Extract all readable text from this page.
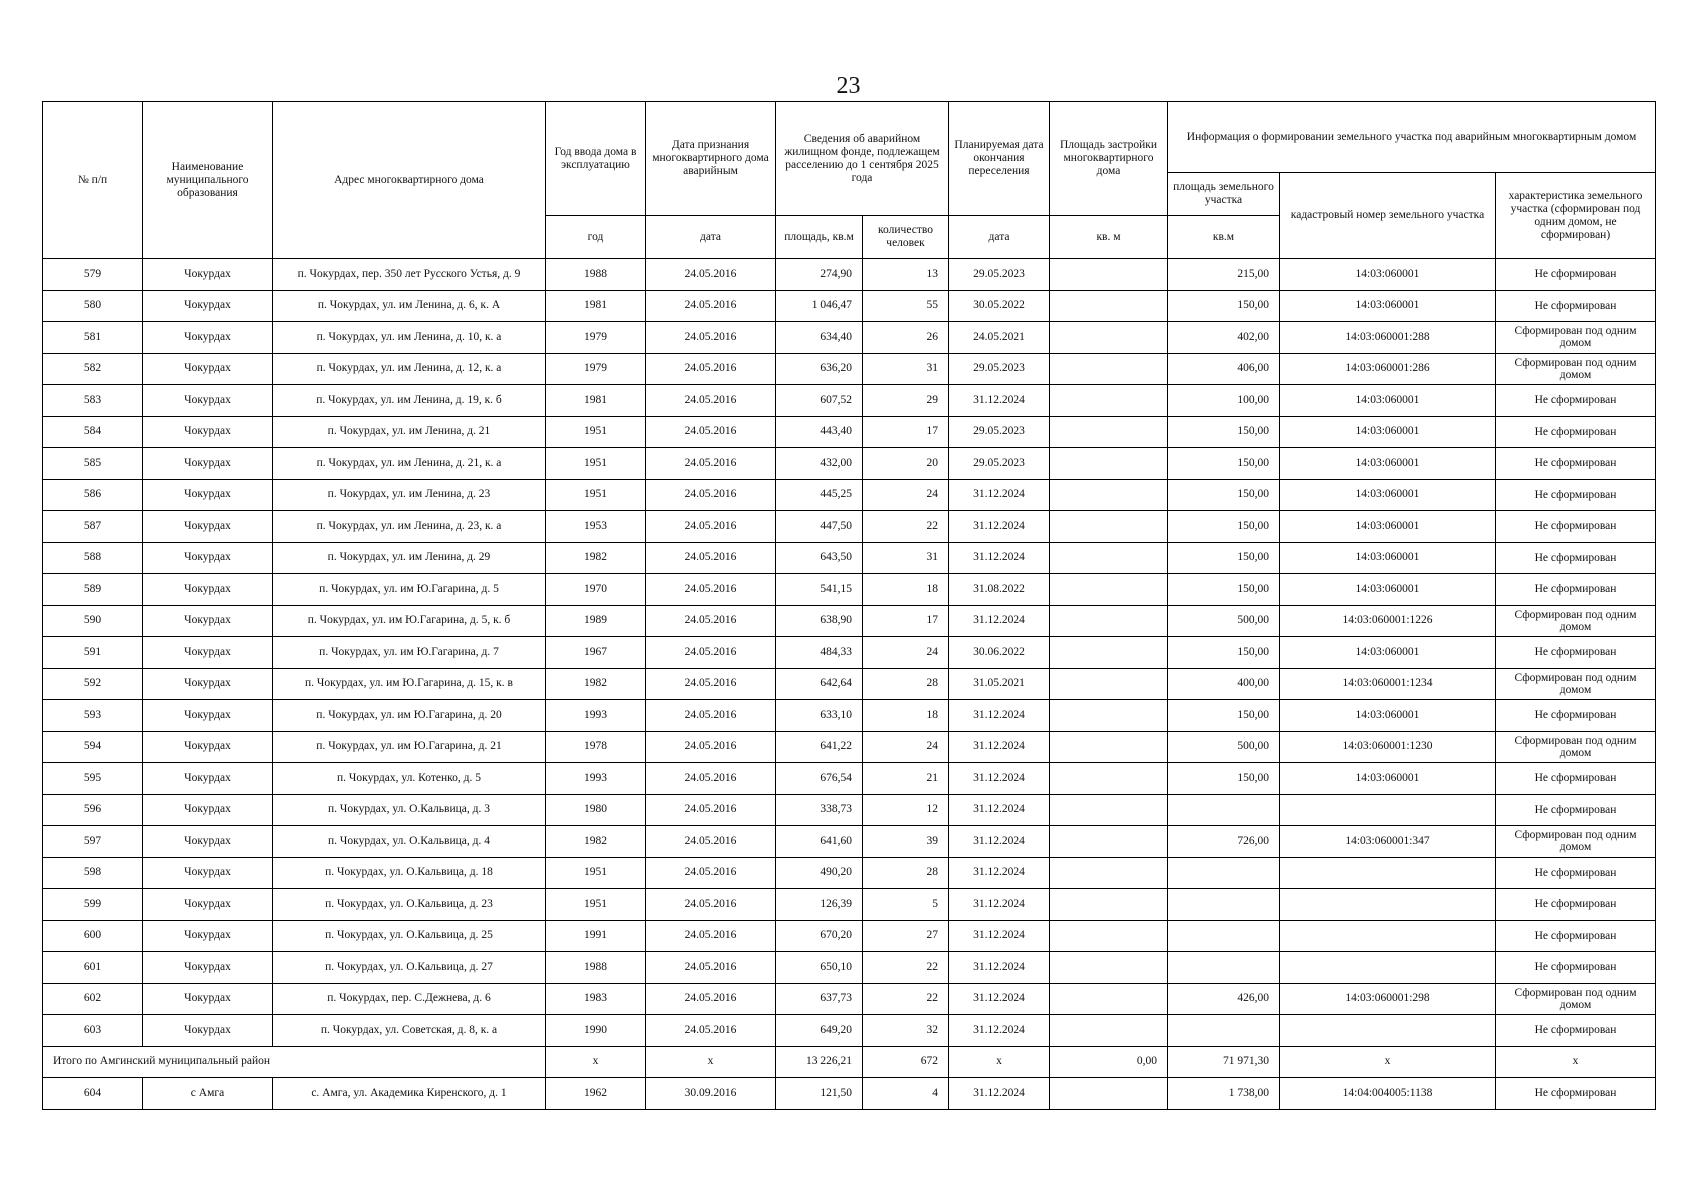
23
№ п/п	Наименование муниципального образования	Адрес многоквартирного дома	Год ввода дома в эксплуатацию	Дата признания многоквартирного дома аварийным	Сведения об аварийном жилищном фонде, подлежащем расселению до 1 сентября 2025 года		Планируемая дата окончания переселения	Площадь застройки многоквартирного дома	Информация о формировании земельного участка под аварийным многоквартирным домом		
									площадь земельного участка	кадастровый номер земельного участка	характеристика земельного участка (сформирован под одним домом, не сформирован)
			год	дата	площадь, кв.м	количество человек	дата	кв. м	кв.м		
579	Чокурдах	п. Чокурдах, пер. 350 лет Русского Устья, д. 9	1988	24.05.2016	274,90	13	29.05.2023		215,00	14:03:060001	Не сформирован
580	Чокурдах	п. Чокурдах, ул. им Ленина, д. 6, к. А	1981	24.05.2016	1 046,47	55	30.05.2022		150,00	14:03:060001	Не сформирован
581	Чокурдах	п. Чокурдах, ул. им Ленина, д. 10, к. а	1979	24.05.2016	634,40	26	24.05.2021		402,00	14:03:060001:288	Сформирован под одним домом
582	Чокурдах	п. Чокурдах, ул. им Ленина, д. 12, к. а	1979	24.05.2016	636,20	31	29.05.2023		406,00	14:03:060001:286	Сформирован под одним домом
583	Чокурдах	п. Чокурдах, ул. им Ленина, д. 19, к. б	1981	24.05.2016	607,52	29	31.12.2024		100,00	14:03:060001	Не сформирован
584	Чокурдах	п. Чокурдах, ул. им Ленина, д. 21	1951	24.05.2016	443,40	17	29.05.2023		150,00	14:03:060001	Не сформирован
585	Чокурдах	п. Чокурдах, ул. им Ленина, д. 21, к. а	1951	24.05.2016	432,00	20	29.05.2023		150,00	14:03:060001	Не сформирован
586	Чокурдах	п. Чокурдах, ул. им Ленина, д. 23	1951	24.05.2016	445,25	24	31.12.2024		150,00	14:03:060001	Не сформирован
587	Чокурдах	п. Чокурдах, ул. им Ленина, д. 23, к. а	1953	24.05.2016	447,50	22	31.12.2024		150,00	14:03:060001	Не сформирован
588	Чокурдах	п. Чокурдах, ул. им Ленина, д. 29	1982	24.05.2016	643,50	31	31.12.2024		150,00	14:03:060001	Не сформирован
589	Чокурдах	п. Чокурдах, ул. им Ю.Гагарина, д. 5	1970	24.05.2016	541,15	18	31.08.2022		150,00	14:03:060001	Не сформирован
590	Чокурдах	п. Чокурдах, ул. им Ю.Гагарина, д. 5, к. б	1989	24.05.2016	638,90	17	31.12.2024		500,00	14:03:060001:1226	Сформирован под одним домом
591	Чокурдах	п. Чокурдах, ул. им Ю.Гагарина, д. 7	1967	24.05.2016	484,33	24	30.06.2022		150,00	14:03:060001	Не сформирован
592	Чокурдах	п. Чокурдах, ул. им Ю.Гагарина, д. 15, к. в	1982	24.05.2016	642,64	28	31.05.2021		400,00	14:03:060001:1234	Сформирован под одним домом
593	Чокурдах	п. Чокурдах, ул. им Ю.Гагарина, д. 20	1993	24.05.2016	633,10	18	31.12.2024		150,00	14:03:060001	Не сформирован
594	Чокурдах	п. Чокурдах, ул. им Ю.Гагарина, д. 21	1978	24.05.2016	641,22	24	31.12.2024		500,00	14:03:060001:1230	Сформирован под одним домом
595	Чокурдах	п. Чокурдах, ул. Котенко, д. 5	1993	24.05.2016	676,54	21	31.12.2024		150,00	14:03:060001	Не сформирован
596	Чокурдах	п. Чокурдах, ул. О.Кальвица, д. 3	1980	24.05.2016	338,73	12	31.12.2024				Не сформирован
597	Чокурдах	п. Чокурдах, ул. О.Кальвица, д. 4	1982	24.05.2016	641,60	39	31.12.2024		726,00	14:03:060001:347	Сформирован под одним домом
598	Чокурдах	п. Чокурдах, ул. О.Кальвица, д. 18	1951	24.05.2016	490,20	28	31.12.2024				Не сформирован
599	Чокурдах	п. Чокурдах, ул. О.Кальвица, д. 23	1951	24.05.2016	126,39	5	31.12.2024				Не сформирован
600	Чокурдах	п. Чокурдах, ул. О.Кальвица, д. 25	1991	24.05.2016	670,20	27	31.12.2024				Не сформирован
601	Чокурдах	п. Чокурдах, ул. О.Кальвица, д. 27	1988	24.05.2016	650,10	22	31.12.2024				Не сформирован
602	Чокурдах	п. Чокурдах, пер. С.Дежнева, д. 6	1983	24.05.2016	637,73	22	31.12.2024		426,00	14:03:060001:298	Сформирован под одним домом
603	Чокурдах	п. Чокурдах, ул. Советская, д. 8, к. а	1990	24.05.2016	649,20	32	31.12.2024				Не сформирован
Итого по Амгинский муниципальный район			х	х	13 226,21	672	х	0,00	71 971,30	х	х
604	с Амга	с. Амга, ул. Академика Киренского, д. 1	1962	30.09.2016	121,50	4	31.12.2024		1 738,00	14:04:004005:1138	Не сформирован
